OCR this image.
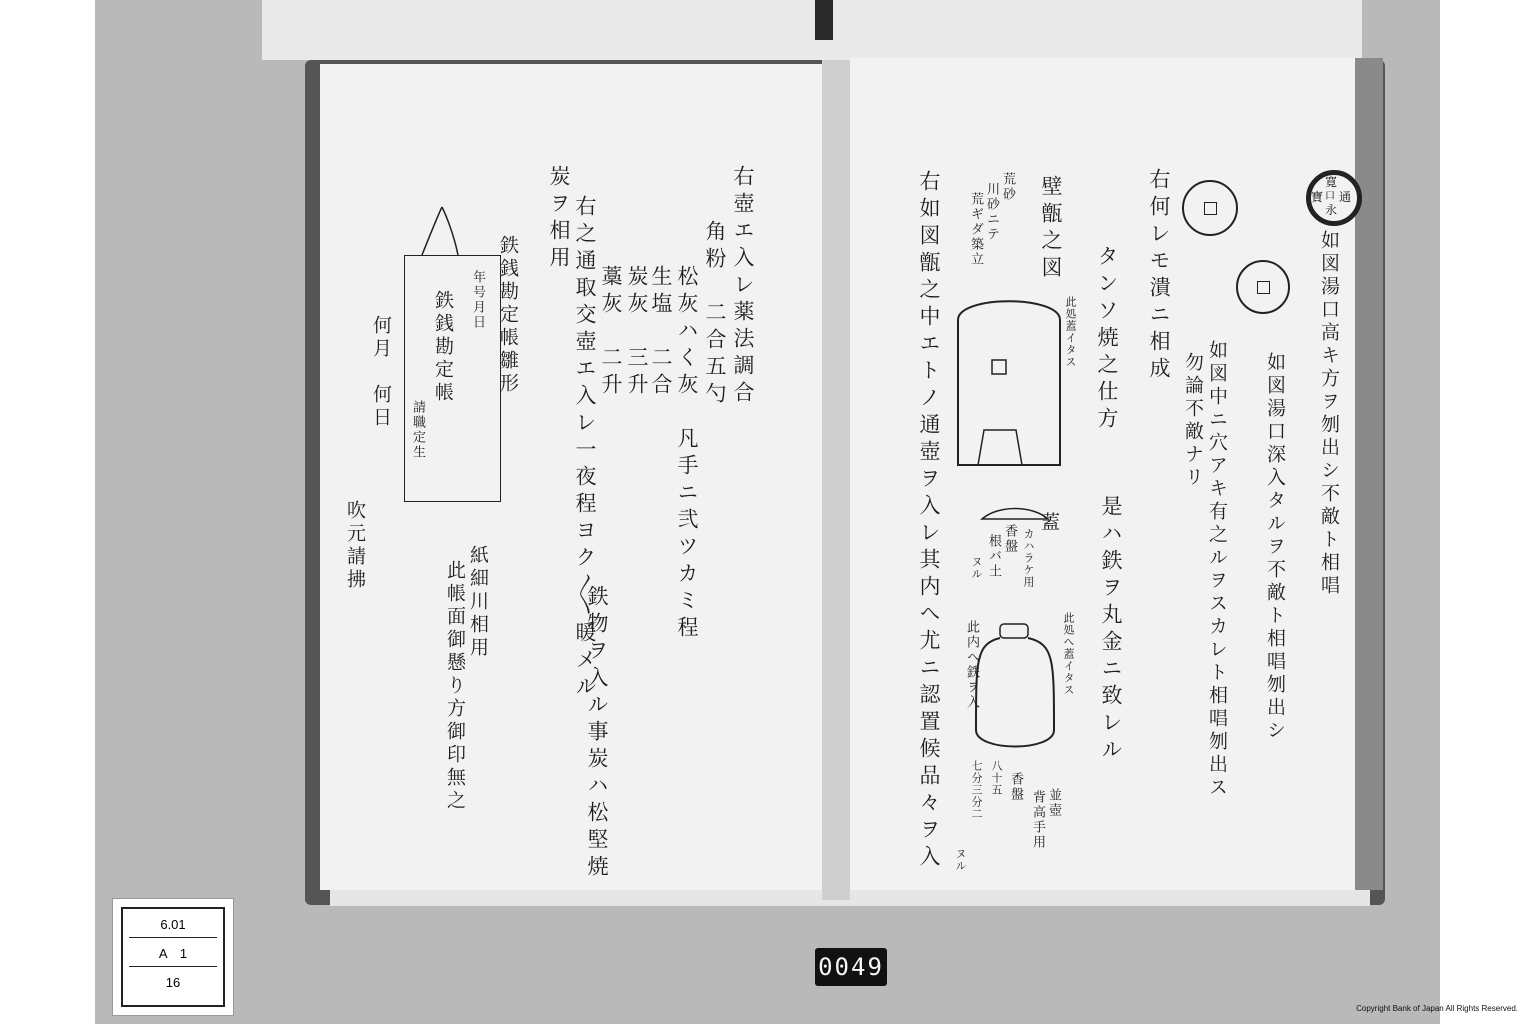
右壺エ入レ薬法調合
角粉　二合五勺
松灰ハく灰　凡手ニ弐ツカミ程
生塩　二合
炭灰　三升
藁灰　二升
右之通取交壺エ入レ一夜程ヨク〳〵暖メル
鉄物ヲ入ル事炭ハ松堅焼
炭ヲ相用
鉄銭勘定帳雛形
年号月日
鉄銭勘定帳
請職定生
何月　何日
紙細川相用
此帳面御懸り方御印無之
吹元請拂
寛
通
永
寶 口
如図湯口高キ方ヲ刎出シ不敵ト相唱
如図湯口深入タルヲ不敵ト相唱刎出シ
如図中ニ穴アキ有之ルヲスカレト相唱刎出ス
勿論不敵ナリ
右何レモ潰ニ相成
タンソ焼之仕方
是ハ鉄ヲ丸金ニ致レル
壁甑之図
荒砂
川砂ニテ
荒ギダ築立
右如図甑之中エトノ通壺ヲ入レ其内へ尤ニ認置候品々ヲ入	此処蓋イタス
蓋
カハラケ用
香盤
根バ土
ヌル
此処へ蓋イタス
此内へ鉄ヲ入
並壺
背高手用
香盤
八十五
七分三分二
ヌル
6.01
A　1
16
0049
Copyright Bank of Japan All Rights Reserved.
